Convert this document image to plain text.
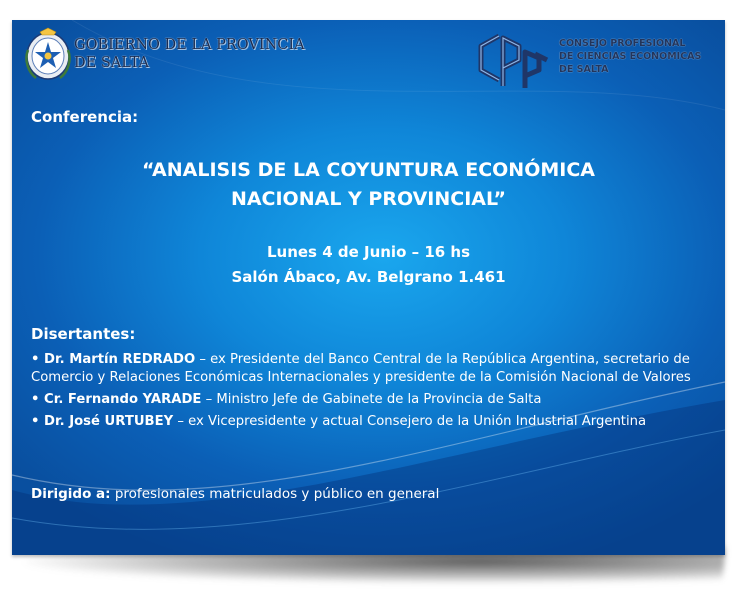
GOBIERNO DE LA PROVINCIA
DE SALTA
CONSEJO PROFESIONAL
DE CIENCIAS ECONOMICAS
DE SALTA
Conferencia:
“ANALISIS DE LA COYUNTURA ECONÓMICA
NACIONAL Y PROVINCIAL”
Lunes 4 de Junio – 16 hs
Salón Ábaco, Av. Belgrano 1.461
Disertantes:
• Dr. Martín REDRADO – ex Presidente del Banco Central de la República Argentina, secretario de Comercio y Relaciones Económicas Internacionales y presidente de la Comisión Nacional de Valores
• Cr. Fernando YARADE – Ministro Jefe de Gabinete de la Provincia de Salta
• Dr. José URTUBEY – ex Vicepresidente y actual Consejero de la Unión Industrial Argentina
Dirigido a: profesionales matriculados y público en general
